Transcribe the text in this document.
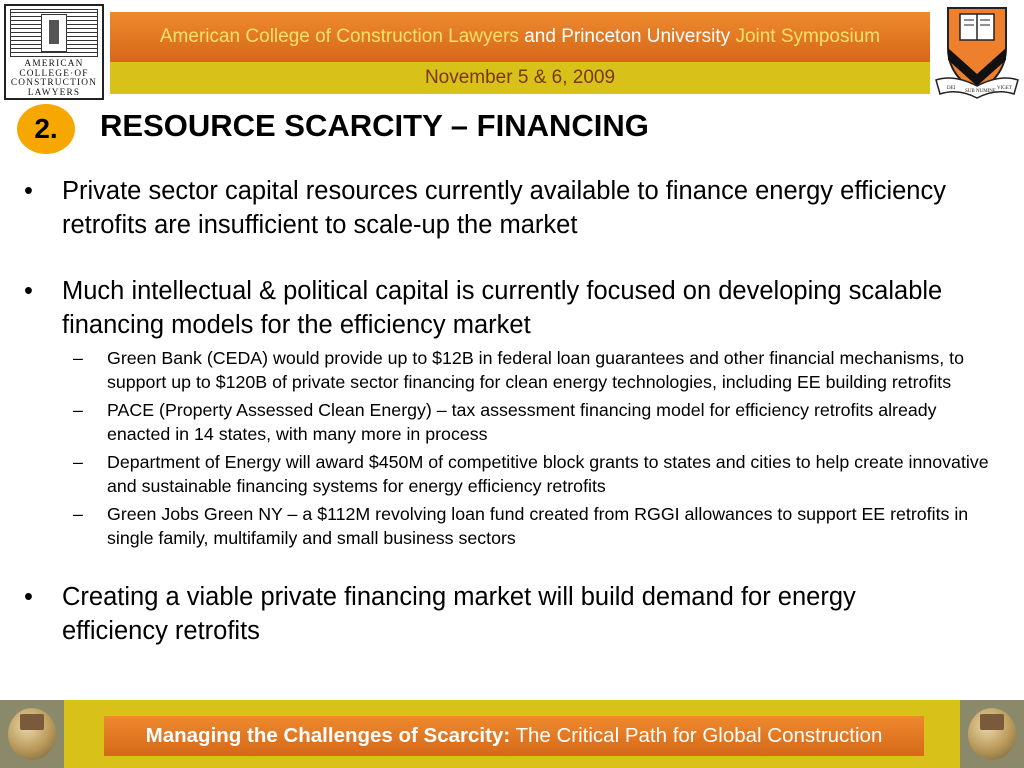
AMERICAN
COLLEGE·OF
CONSTRUCTION
LAWYERS
American College of Construction Lawyers
and Princeton University
Joint Symposium
November 5 & 6, 2009
DEI
SUB NUMINE
VIGET
2.	RESOURCE SCARCITY – FINANCING
• Private sector capital resources currently available to finance energy efficiency retrofits are insufficient to scale-up the market
• Much intellectual & political capital is currently focused on developing scalable financing models for the efficiency market
– Green Bank (CEDA) would provide up to $12B in federal loan guarantees and other financial mechanisms, to support up to $120B of private sector financing for clean energy technologies, including EE building retrofits
– PACE (Property Assessed Clean Energy) – tax assessment financing model for efficiency retrofits already enacted in 14 states, with many more in process
– Department of Energy will award $450M of competitive block grants to states and cities to help create innovative and sustainable financing systems for energy efficiency retrofits
– Green Jobs Green NY – a $112M revolving loan fund created from RGGI allowances to support EE retrofits in single family, multifamily and small business sectors
• Creating a viable private financing market will build demand for energy efficiency retrofits
Managing the Challenges of Scarcity: The Critical Path for Global Construction
